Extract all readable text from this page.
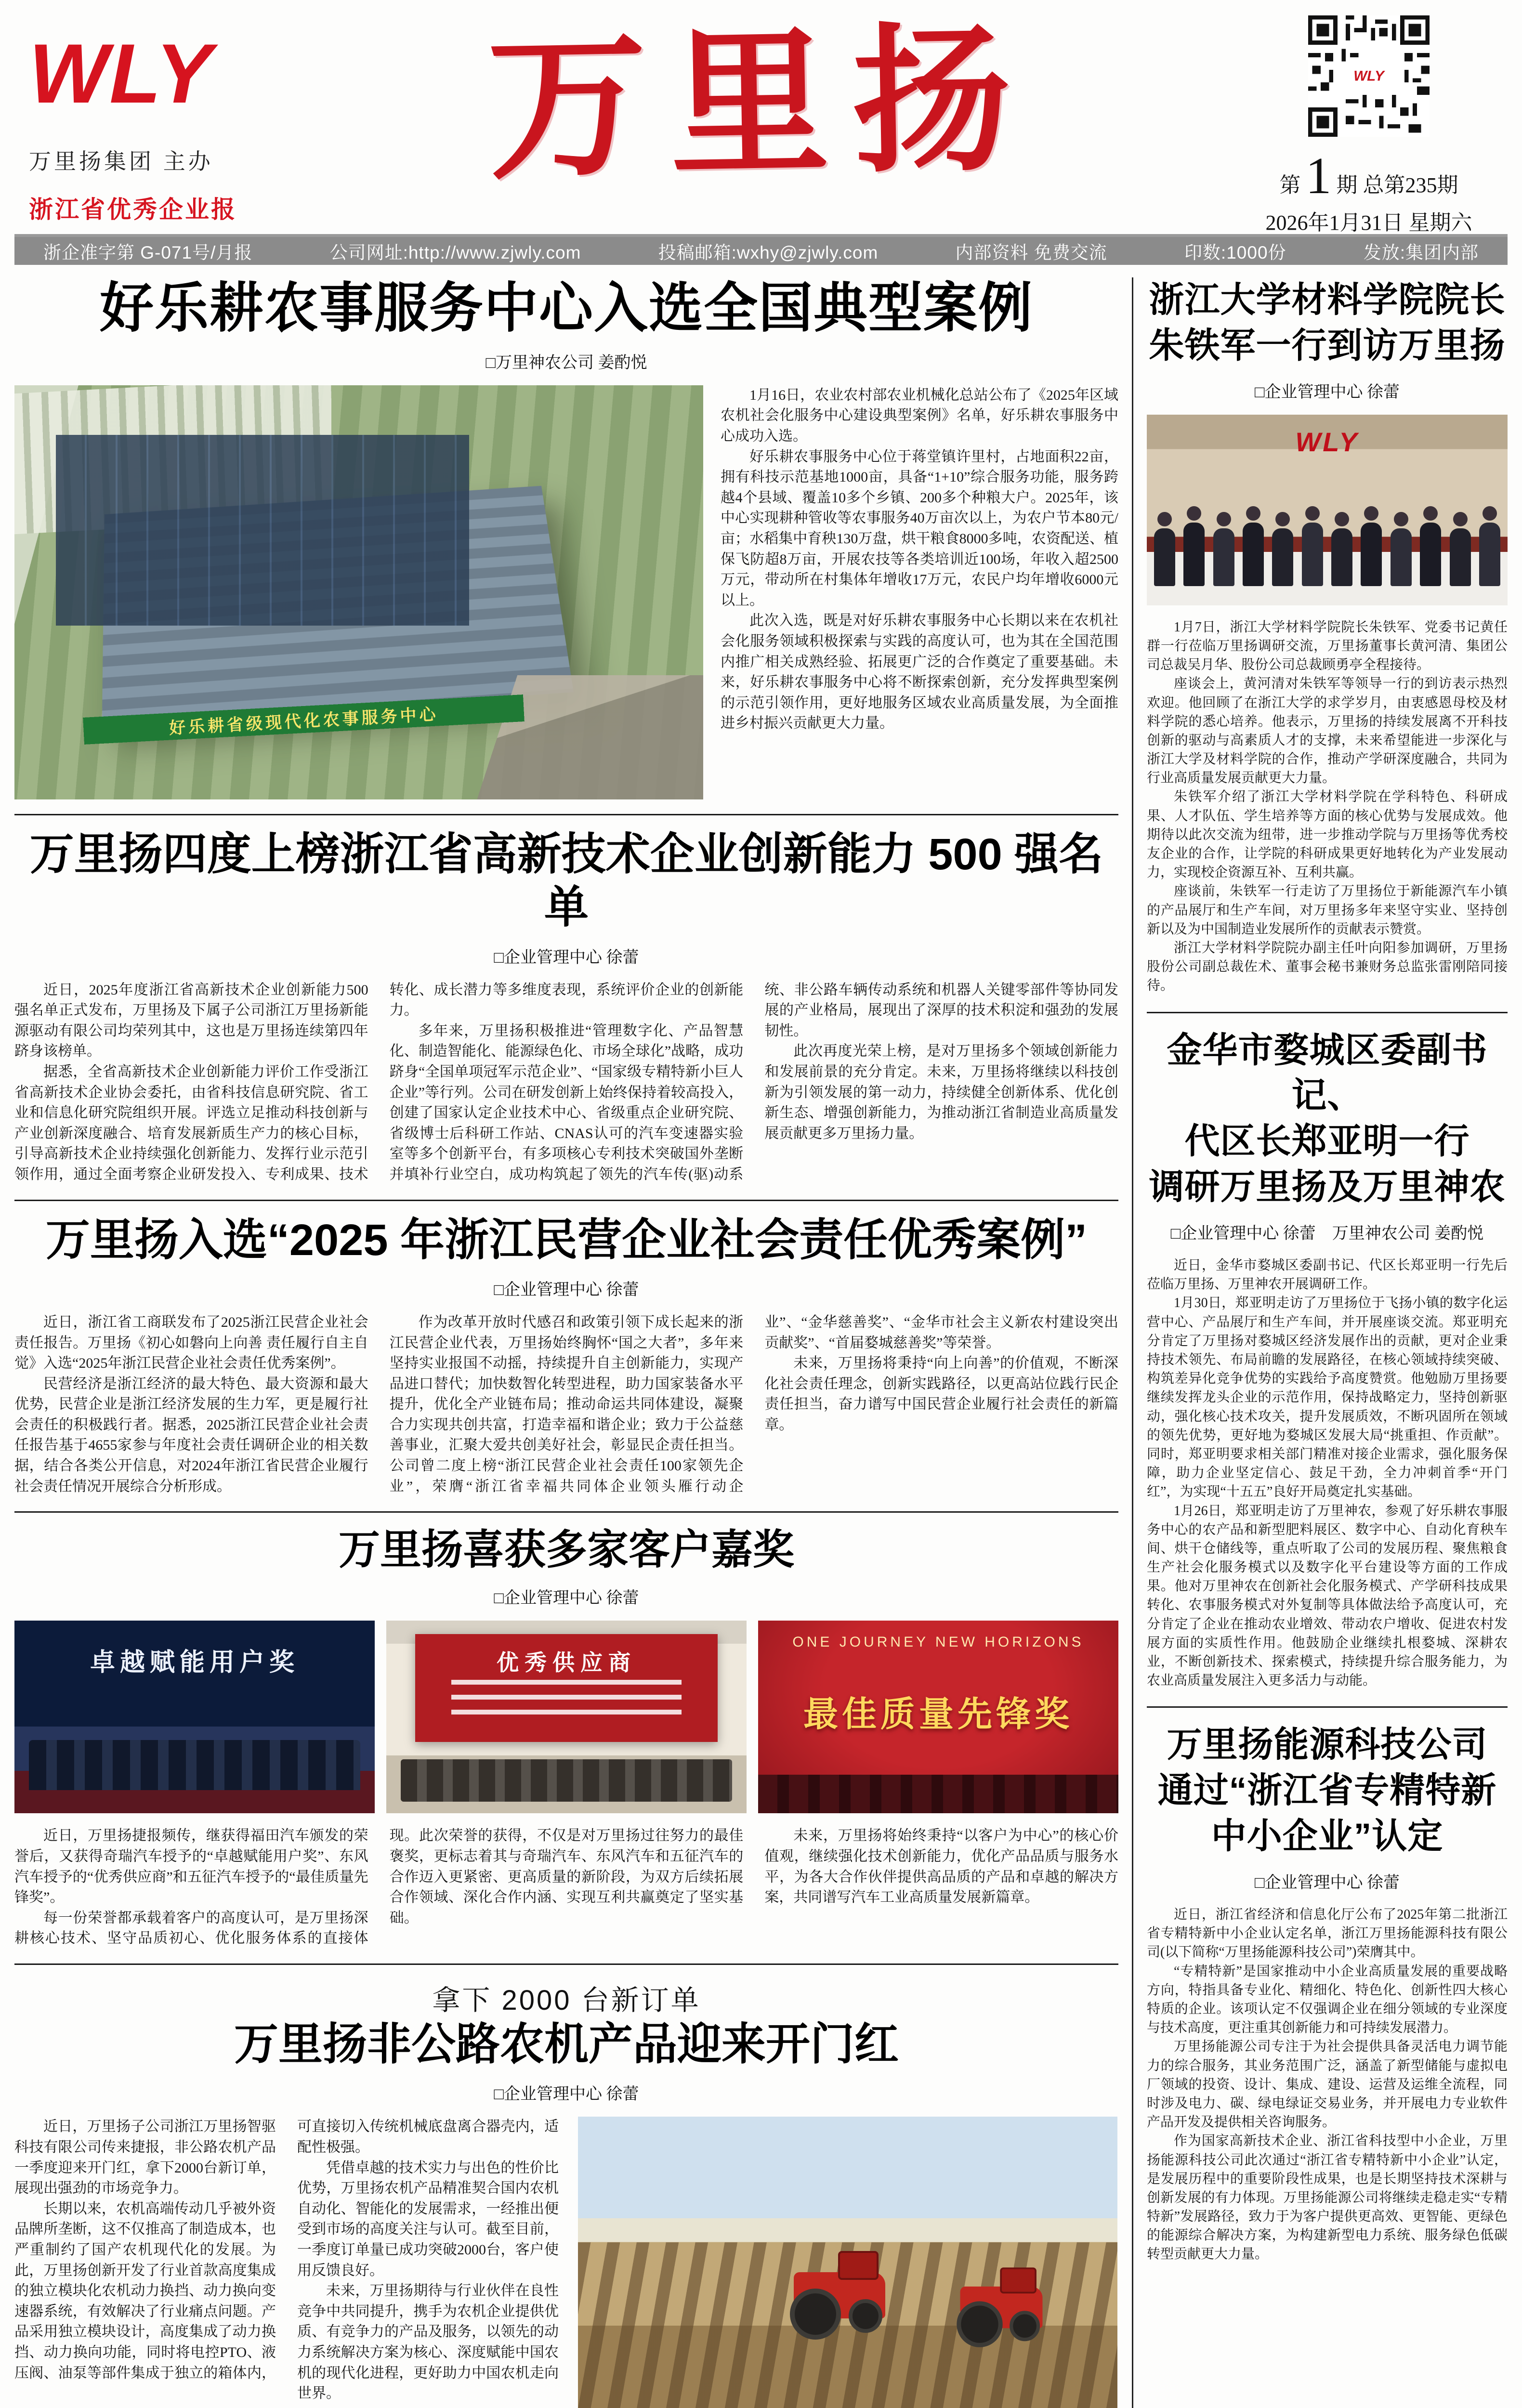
WLY
万里扬集团 主办
浙江省优秀企业报
万里扬	WLY
第 1 期 总第235期
2026年1月31日 星期六
浙企准字第 G-071号/月报	公司网址:http://www.zjwly.com	投稿邮箱:wxhy@zjwly.com	内部资料 免费交流	印数:1000份	发放:集团内部
好乐耕农事服务中心入选全国典型案例
□万里神农公司 姜酌悦
好乐耕省级现代化农事服务中心

1月16日，农业农村部农业机械化总站公布了《2025年区域农机社会化服务中心建设典型案例》名单，好乐耕农事服务中心成功入选。

好乐耕农事服务中心位于蒋堂镇许里村，占地面积22亩，拥有科技示范基地1000亩，具备“1+10”综合服务功能，服务跨越4个县域、覆盖10多个乡镇、200多个种粮大户。2025年，该中心实现耕种管收等农事服务40万亩次以上，为农户节本80元/亩；水稻集中育秧130万盘，烘干粮食8000多吨，农资配送、植保飞防超8万亩，开展农技等各类培训近100场，年收入超2500万元，带动所在村集体年增收17万元，农民户均年增收6000元以上。

此次入选，既是对好乐耕农事服务中心长期以来在农机社会化服务领域积极探索与实践的高度认可，也为其在全国范围内推广相关成熟经验、拓展更广泛的合作奠定了重要基础。未来，好乐耕农事服务中心将不断探索创新，充分发挥典型案例的示范引领作用，更好地服务区域农业高质量发展，为全面推进乡村振兴贡献更大力量。

万里扬四度上榜浙江省高新技术企业创新能力 500 强名单
□企业管理中心 徐蕾

近日，2025年度浙江省高新技术企业创新能力500强名单正式发布，万里扬及下属子公司浙江万里扬新能源驱动有限公司均荣列其中，这也是万里扬连续第四年跻身该榜单。

据悉，全省高新技术企业创新能力评价工作受浙江省高新技术企业协会委托，由省科技信息研究院、省工业和信息化研究院组织开展。评选立足推动科技创新与产业创新深度融合、培育发展新质生产力的核心目标，引导高新技术企业持续强化创新能力、发挥行业示范引领作用，通过全面考察企业研发投入、专利成果、技术转化、成长潜力等多维度表现，系统评价企业的创新能力。

多年来，万里扬积极推进“管理数字化、产品智慧化、制造智能化、能源绿色化、市场全球化”战略，成功跻身“全国单项冠军示范企业”、“国家级专精特新小巨人企业”等行列。公司在研发创新上始终保持着较高投入，创建了国家认定企业技术中心、省级重点企业研究院、省级博士后科研工作站、CNAS认可的汽车变速器实验室等多个创新平台，有多项核心专利技术突破国外垄断并填补行业空白，成功构筑起了领先的汽车传(驱)动系统、非公路车辆传动系统和机器人关键零部件等协同发展的产业格局，展现出了深厚的技术积淀和强劲的发展韧性。

此次再度光荣上榜，是对万里扬多个领域创新能力和发展前景的充分肯定。未来，万里扬将继续以科技创新为引领发展的第一动力，持续健全创新体系、优化创新生态、增强创新能力，为推动浙江省制造业高质量发展贡献更多万里扬力量。

万里扬入选“2025 年浙江民营企业社会责任优秀案例”
□企业管理中心 徐蕾

近日，浙江省工商联发布了2025浙江民营企业社会责任报告。万里扬《初心如磐向上向善 责任履行自主自觉》入选“2025年浙江民营企业社会责任优秀案例”。

民营经济是浙江经济的最大特色、最大资源和最大优势，民营企业是浙江经济发展的生力军，更是履行社会责任的积极践行者。据悉，2025浙江民营企业社会责任报告基于4655家参与年度社会责任调研企业的相关数据，结合各类公开信息，对2024年浙江省民营企业履行社会责任情况开展综合分析形成。

作为改革开放时代感召和政策引领下成长起来的浙江民营企业代表，万里扬始终胸怀“国之大者”，多年来坚持实业报国不动摇，持续提升自主创新能力，实现产品进口替代；加快数智化转型进程，助力国家装备水平提升，优化全产业链布局；推动命运共同体建设，凝聚合力实现共创共富，打造幸福和谐企业；致力于公益慈善事业，汇聚大爱共创美好社会，彰显民企责任担当。公司曾二度上榜“浙江民营企业社会责任100家领先企业”，荣膺“浙江省幸福共同体企业领头雁行动企业”、“金华慈善奖”、“金华市社会主义新农村建设突出贡献奖”、“首届婺城慈善奖”等荣誉。

未来，万里扬将秉持“向上向善”的价值观，不断深化社会责任理念，创新实践路径，以更高站位践行民企责任担当，奋力谱写中国民营企业履行社会责任的新篇章。

万里扬喜获多家客户嘉奖
□企业管理中心 徐蕾
卓越赋能用户奖	优秀供应商
ONE JOURNEY NEW HORIZONS
最佳质量先锋奖

近日，万里扬捷报频传，继获得福田汽车颁发的荣誉后，又获得奇瑞汽车授予的“卓越赋能用户奖”、东风汽车授予的“优秀供应商”和五征汽车授予的“最佳质量先锋奖”。

每一份荣誉都承载着客户的高度认可，是万里扬深耕核心技术、坚守品质初心、优化服务体系的直接体现。此次荣誉的获得，不仅是对万里扬过往努力的最佳褒奖，更标志着其与奇瑞汽车、东风汽车和五征汽车的合作迈入更紧密、更高质量的新阶段，为双方后续拓展合作领域、深化合作内涵、实现互利共赢奠定了坚实基础。

未来，万里扬将始终秉持“以客户为中心”的核心价值观，继续强化技术创新能力，优化产品品质与服务水平，为各大合作伙伴提供高品质的产品和卓越的解决方案，共同谱写汽车工业高质量发展新篇章。

拿下 2000 台新订单
万里扬非公路农机产品迎来开门红
□企业管理中心 徐蕾

近日，万里扬子公司浙江万里扬智驱科技有限公司传来捷报，非公路农机产品一季度迎来开门红，拿下2000台新订单，展现出强劲的市场竞争力。

长期以来，农机高端传动几乎被外资品牌所垄断，这不仅推高了制造成本，也严重制约了国产农机现代化的发展。为此，万里扬创新开发了行业首款高度集成的独立模块化农机动力换挡、动力换向变速器系统，有效解决了行业痛点问题。产品采用独立模块设计，高度集成了动力换挡、动力换向功能，同时将电控PTO、液压阀、油泵等部件集成于独立的箱体内，可直接切入传统机械底盘离合器壳内，适配性极强。

凭借卓越的技术实力与出色的性价比优势，万里扬农机产品精准契合国内农机自动化、智能化的发展需求，一经推出便受到市场的高度关注与认可。截至目前，一季度订单量已成功突破2000台，客户使用反馈良好。

未来，万里扬期待与行业伙伴在良性竞争中共同提升，携手为农机企业提供优质、有竞争力的产品及服务，以领先的动力系统解决方案为核心、深度赋能中国农机的现代化进程，更好助力中国农机走向世界。

浙江大学材料学院院长
朱铁军一行到访万里扬
□企业管理中心 徐蕾
WLY

1月7日，浙江大学材料学院院长朱铁军、党委书记黄任群一行莅临万里扬调研交流，万里扬董事长黄河清、集团公司总裁吴月华、股份公司总裁顾勇亭全程接待。

座谈会上，黄河清对朱铁军等领导一行的到访表示热烈欢迎。他回顾了在浙江大学的求学岁月，由衷感恩母校及材料学院的悉心培养。他表示，万里扬的持续发展离不开科技创新的驱动与高素质人才的支撑，未来希望能进一步深化与浙江大学及材料学院的合作，推动产学研深度融合，共同为行业高质量发展贡献更大力量。

朱铁军介绍了浙江大学材料学院在学科特色、科研成果、人才队伍、学生培养等方面的核心优势与发展成效。他期待以此次交流为纽带，进一步推动学院与万里扬等优秀校友企业的合作，让学院的科研成果更好地转化为产业发展动力，实现校企资源互补、互利共赢。

座谈前，朱铁军一行走访了万里扬位于新能源汽车小镇的产品展厅和生产车间，对万里扬多年来坚守实业、坚持创新以及为中国制造业发展所作的贡献表示赞赏。

浙江大学材料学院院办副主任叶向阳参加调研，万里扬股份公司副总裁佐术、董事会秘书兼财务总监张雷刚陪同接待。

金华市婺城区委副书记、
代区长郑亚明一行
调研万里扬及万里神农
□企业管理中心 徐蕾　万里神农公司 姜酌悦

近日，金华市婺城区委副书记、代区长郑亚明一行先后莅临万里扬、万里神农开展调研工作。

1月30日，郑亚明走访了万里扬位于飞扬小镇的数字化运营中心、产品展厅和生产车间，并开展座谈交流。郑亚明充分肯定了万里扬对婺城区经济发展作出的贡献，更对企业秉持技术领先、布局前瞻的发展路径，在核心领域持续突破、构筑差异化竞争优势的实践给予高度赞赏。他勉励万里扬要继续发挥龙头企业的示范作用，保持战略定力，坚持创新驱动，强化核心技术攻关，提升发展质效，不断巩固所在领域的领先优势，更好地为婺城区发展大局“挑重担、作贡献”。同时，郑亚明要求相关部门精准对接企业需求，强化服务保障，助力企业坚定信心、鼓足干劲，全力冲刺首季“开门红”，为实现“十五五”良好开局奠定扎实基础。

1月26日，郑亚明走访了万里神农，参观了好乐耕农事服务中心的农产品和新型肥料展区、数字中心、自动化育秧车间、烘干仓储线等，重点听取了公司的发展历程、聚焦粮食生产社会化服务模式以及数字化平台建设等方面的工作成果。他对万里神农在创新社会化服务模式、产学研科技成果转化、农事服务模式对外复制等具体做法给予高度认可，充分肯定了企业在推动农业增效、带动农户增收、促进农村发展方面的实质性作用。他鼓励企业继续扎根婺城、深耕农业，不断创新技术、探索模式，持续提升综合服务能力，为农业高质量发展注入更多活力与动能。

万里扬能源科技公司
通过“浙江省专精特新
中小企业”认定
□企业管理中心 徐蕾

近日，浙江省经济和信息化厅公布了2025年第二批浙江省专精特新中小企业认定名单，浙江万里扬能源科技有限公司(以下简称“万里扬能源科技公司”)荣膺其中。

“专精特新”是国家推动中小企业高质量发展的重要战略方向，特指具备专业化、精细化、特色化、创新性四大核心特质的企业。该项认定不仅强调企业在细分领域的专业深度与技术高度，更注重其创新能力和可持续发展潜力。

万里扬能源公司专注于为社会提供具备灵活电力调节能力的综合服务，其业务范围广泛，涵盖了新型储能与虚拟电厂领域的投资、设计、集成、建设、运营及运维全流程，同时涉及电力、碳、绿电绿证交易业务，并开展电力专业软件产品开发及提供相关咨询服务。

作为国家高新技术企业、浙江省科技型中小企业，万里扬能源科技公司此次通过“浙江省专精特新中小企业”认定，是发展历程中的重要阶段性成果，也是长期坚持技术深耕与创新发展的有力体现。万里扬能源公司将继续走稳走实“专精特新”发展路径，致力于为客户提供更高效、更智能、更绿色的能源综合解决方案，为构建新型电力系统、服务绿色低碳转型贡献更大力量。
